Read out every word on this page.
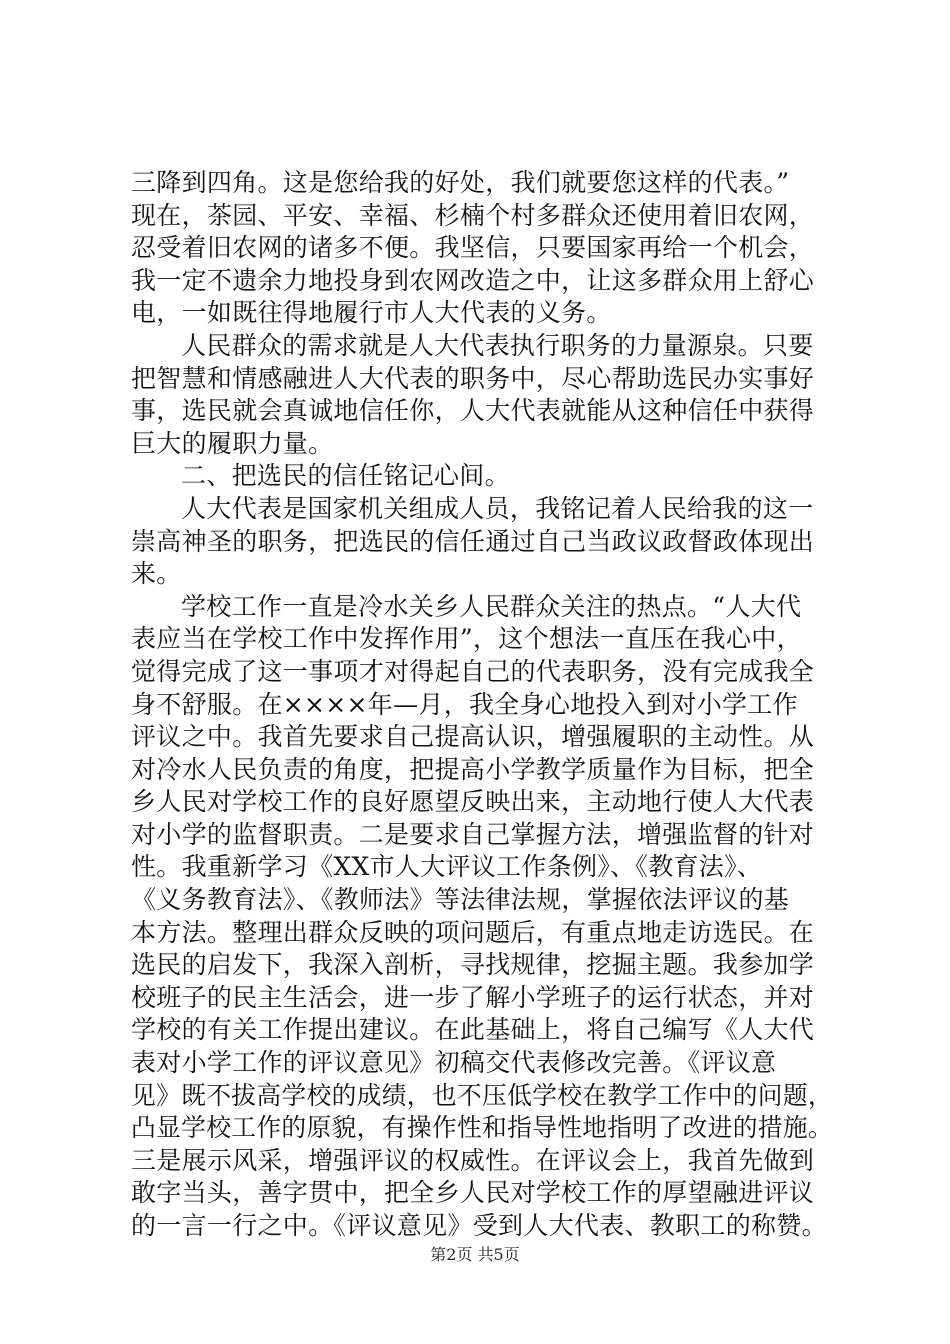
三降到四角。这是您给我的好处，我们就要您这样的代表。”
现在，茶园、平安、幸福、杉楠个村多群众还使用着旧农网，
忍受着旧农网的诸多不便。我坚信，只要国家再给一个机会，
我一定不遗余力地投身到农网改造之中，让这多群众用上舒心
电，一如既往得地履行市人大代表的义务。
人民群众的需求就是人大代表执行职务的力量源泉。只要
把智慧和情感融进人大代表的职务中，尽心帮助选民办实事好
事，选民就会真诚地信任你，人大代表就能从这种信任中获得
巨大的履职力量。
二、把选民的信任铭记心间。
人大代表是国家机关组成人员，我铭记着人民给我的这一
崇高神圣的职务，把选民的信任通过自己当政议政督政体现出
来。
学校工作一直是冷水关乡人民群众关注的热点。“人大代
表应当在学校工作中发挥作用”，这个想法一直压在我心中，
觉得完成了这一事项才对得起自己的代表职务，没有完成我全
身不舒服。在××××年—月，我全身心地投入到对小学工作
评议之中。我首先要求自己提高认识，增强履职的主动性。从
对冷水人民负责的角度，把提高小学教学质量作为目标，把全
乡人民对学校工作的良好愿望反映出来，主动地行使人大代表
对小学的监督职责。二是要求自己掌握方法，增强监督的针对
性。我重新学习《XX市人大评议工作条例》、《教育法》、
《义务教育法》、《教师法》等法律法规，掌握依法评议的基
本方法。整理出群众反映的项问题后，有重点地走访选民。在
选民的启发下，我深入剖析，寻找规律，挖掘主题。我参加学
校班子的民主生活会，进一步了解小学班子的运行状态，并对
学校的有关工作提出建议。在此基础上，将自己编写《人大代
表对小学工作的评议意见》初稿交代表修改完善。《评议意
见》既不拔高学校的成绩，也不压低学校在教学工作中的问题，
凸显学校工作的原貌，有操作性和指导性地指明了改进的措施。
三是展示风采，增强评议的权威性。在评议会上，我首先做到
敢字当头，善字贯中，把全乡人民对学校工作的厚望融进评议
的一言一行之中。《评议意见》受到人大代表、教职工的称赞。
第2页 共5页
